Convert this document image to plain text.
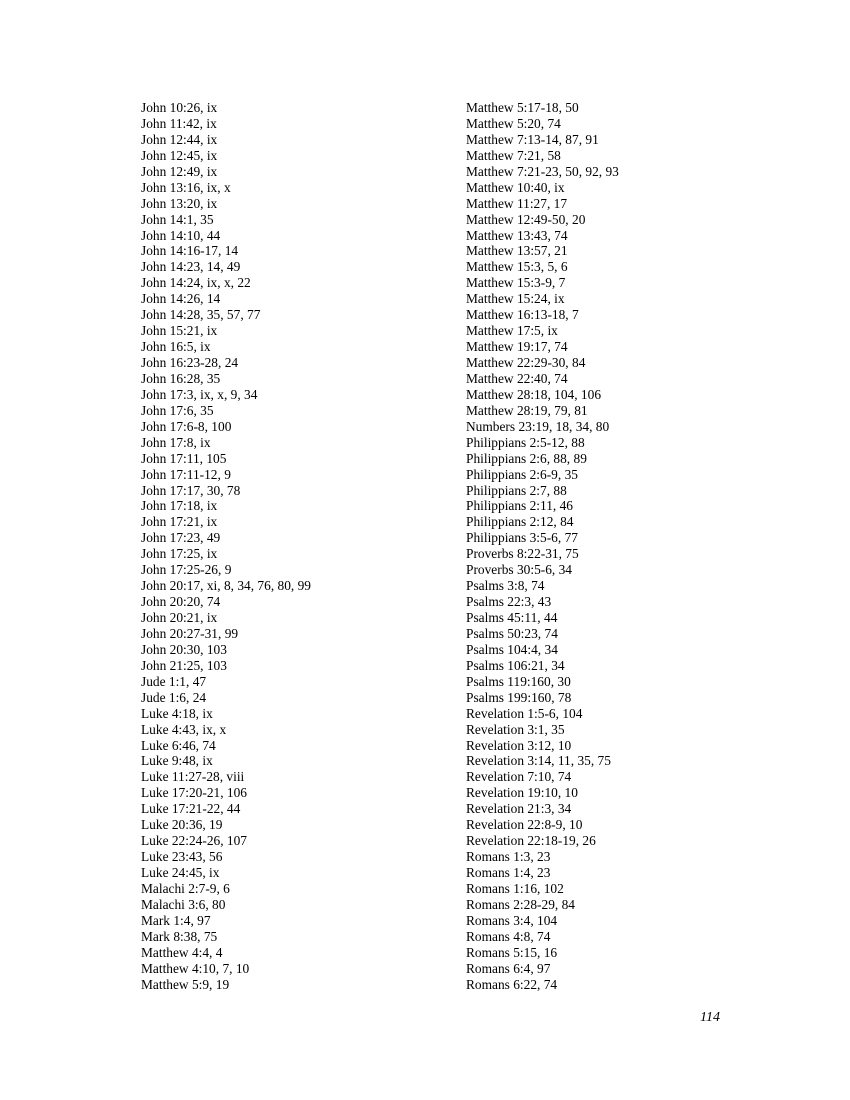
John 10:26, ix
John 11:42, ix
John 12:44, ix
John 12:45, ix
John 12:49, ix
John 13:16, ix, x
John 13:20, ix
John 14:1, 35
John 14:10, 44
John 14:16-17, 14
John 14:23, 14, 49
John 14:24, ix, x, 22
John 14:26, 14
John 14:28, 35, 57, 77
John 15:21, ix
John 16:5, ix
John 16:23-28, 24
John 16:28, 35
John 17:3, ix, x, 9, 34
John 17:6, 35
John 17:6-8, 100
John 17:8, ix
John 17:11, 105
John 17:11-12, 9
John 17:17, 30, 78
John 17:18, ix
John 17:21, ix
John 17:23, 49
John 17:25, ix
John 17:25-26, 9
John 20:17, xi, 8, 34, 76, 80, 99
John 20:20, 74
John 20:21, ix
John 20:27-31, 99
John 20:30, 103
John 21:25, 103
Jude 1:1, 47
Jude 1:6, 24
Luke 4:18, ix
Luke 4:43, ix, x
Luke 6:46, 74
Luke 9:48, ix
Luke 11:27-28, viii
Luke 17:20-21, 106
Luke 17:21-22, 44
Luke 20:36, 19
Luke 22:24-26, 107
Luke 23:43, 56
Luke 24:45, ix
Malachi 2:7-9, 6
Malachi 3:6, 80
Mark 1:4, 97
Mark 8:38, 75
Matthew 4:4, 4
Matthew 4:10, 7, 10
Matthew 5:9, 19
Matthew 5:17-18, 50
Matthew 5:20, 74
Matthew 7:13-14, 87, 91
Matthew 7:21, 58
Matthew 7:21-23, 50, 92, 93
Matthew 10:40, ix
Matthew 11:27, 17
Matthew 12:49-50, 20
Matthew 13:43, 74
Matthew 13:57, 21
Matthew 15:3, 5, 6
Matthew 15:3-9, 7
Matthew 15:24, ix
Matthew 16:13-18, 7
Matthew 17:5, ix
Matthew 19:17, 74
Matthew 22:29-30, 84
Matthew 22:40, 74
Matthew 28:18, 104, 106
Matthew 28:19, 79, 81
Numbers 23:19, 18, 34, 80
Philippians 2:5-12, 88
Philippians 2:6, 88, 89
Philippians 2:6-9, 35
Philippians 2:7, 88
Philippians 2:11, 46
Philippians 2:12, 84
Philippians 3:5-6, 77
Proverbs 8:22-31, 75
Proverbs 30:5-6, 34
Psalms 3:8, 74
Psalms 22:3, 43
Psalms 45:11, 44
Psalms 50:23, 74
Psalms 104:4, 34
Psalms 106:21, 34
Psalms 119:160, 30
Psalms 199:160, 78
Revelation 1:5-6, 104
Revelation 3:1, 35
Revelation 3:12, 10
Revelation 3:14, 11, 35, 75
Revelation 7:10, 74
Revelation 19:10, 10
Revelation 21:3, 34
Revelation 22:8-9, 10
Revelation 22:18-19, 26
Romans 1:3, 23
Romans 1:4, 23
Romans 1:16, 102
Romans 2:28-29, 84
Romans 3:4, 104
Romans 4:8, 74
Romans 5:15, 16
Romans 6:4, 97
Romans 6:22, 74
114
